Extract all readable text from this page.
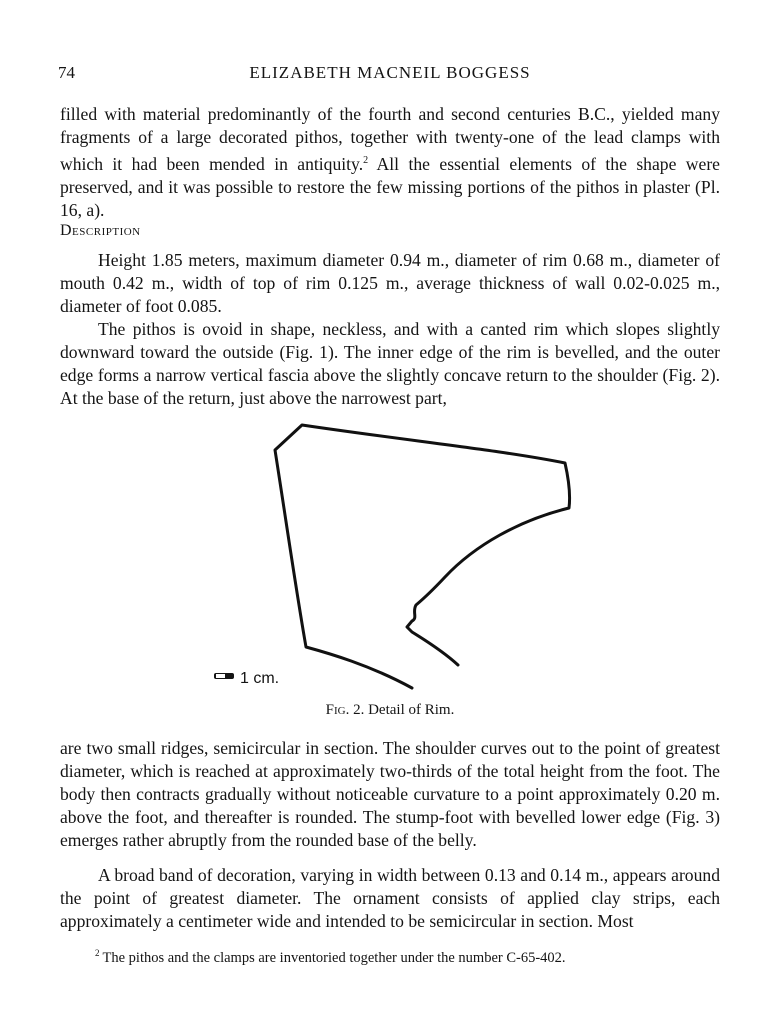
74	ELIZABETH MACNEIL BOGGESS

filled with material predominantly of the fourth and second centuries B.C., yielded many fragments of a large decorated pithos, together with twenty-one of the lead clamps with which it had been mended in antiquity.$^2$ All the essential elements of the shape were preserved, and it was possible to restore the few missing portions of the pithos in plaster (Pl. 16, a).

Description

Height 1.85 meters, maximum diameter 0.94 m., diameter of rim 0.68 m., diameter of mouth 0.42 m., width of top of rim 0.125 m., average thickness of wall 0.02-0.025 m., diameter of foot 0.085.

The pithos is ovoid in shape, neckless, and with a canted rim which slopes slightly downward toward the outside (Fig. 1). The inner edge of the rim is bevelled, and the outer edge forms a narrow vertical fascia above the slightly concave return to the shoulder (Fig. 2). At the base of the return, just above the narrowest part,

1 cm.
Fig. 2. Detail of Rim.

are two small ridges, semicircular in section. The shoulder curves out to the point of greatest diameter, which is reached at approximately two-thirds of the total height from the foot. The body then contracts gradually without noticeable curvature to a point approximately 0.20 m. above the foot, and thereafter is rounded. The stump-foot with bevelled lower edge (Fig. 3) emerges rather abruptly from the rounded base of the belly.

A broad band of decoration, varying in width between 0.13 and 0.14 m., appears around the point of greatest diameter. The ornament consists of applied clay strips, each approximately a centimeter wide and intended to be semicircular in section. Most

$^2$ The pithos and the clamps are inventoried together under the number C-65-402.
